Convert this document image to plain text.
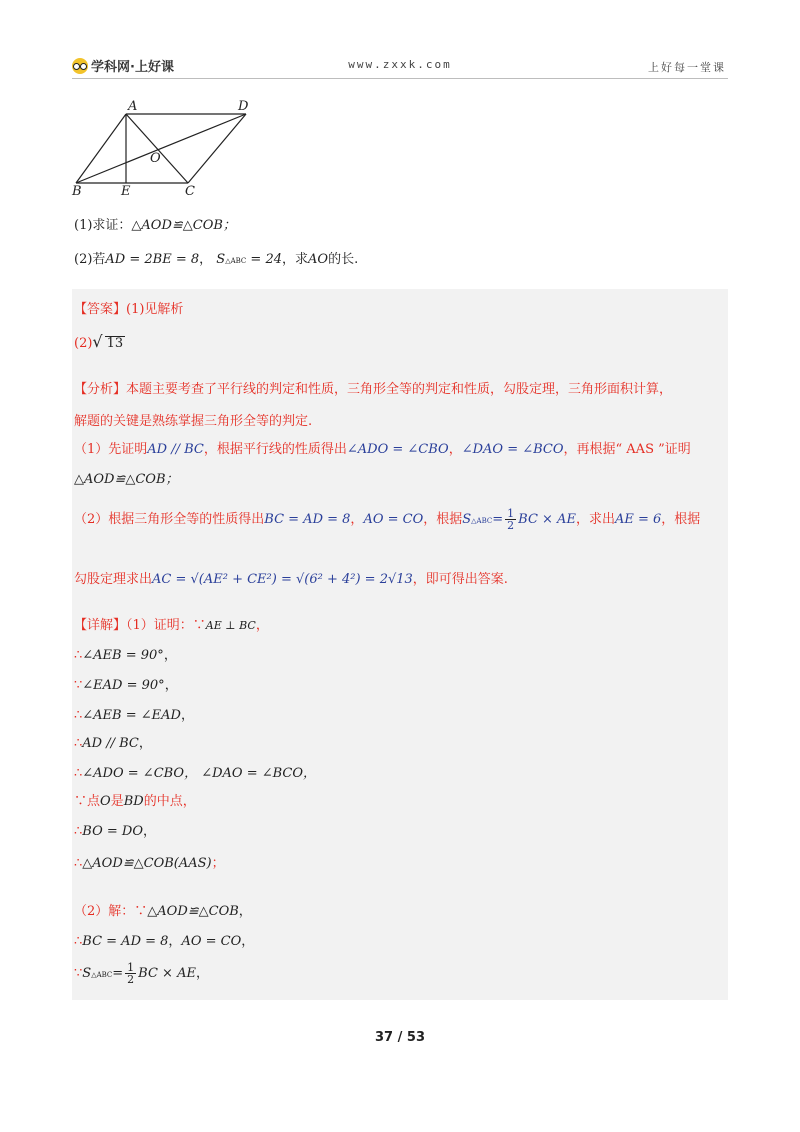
学科网·上好课	www.zxxk.com	上好每一堂课
A	D
O
B	E	C
(1)求证：△AOD≌△COB；
(2)若AD = 2BE = 8， S△ABC = 24，求AO的长.
【答案】(1)见解析
(2)√ 13
【分析】本题主要考查了平行线的判定和性质，三角形全等的判定和性质，勾股定理，三角形面积计算，
解题的关键是熟练掌握三角形全等的判定.
（1）先证明AD // BC，根据平行线的性质得出∠ADO = ∠CBO，∠DAO = ∠BCO，再根据“ AAS ”证明
△AOD≌△COB；
（2）根据三角形全等的性质得出BC = AD = 8，AO = CO，根据S△ABC= $\frac{1}{2}$ BC × AE，求出AE = 6，根据
勾股定理求出AC = √(AE² + CE²) = √(6² + 4²) = 2√13，即可得出答案.
【详解】（1）证明：∵AE ⊥ BC，
∴∠AEB = 90°，
∵∠EAD = 90°，
∴∠AEB = ∠EAD，
∴AD // BC，
∴∠ADO = ∠CBO， ∠DAO = ∠BCO，
∵点O是BD的中点，
∴BO = DO，
∴△AOD≌△COB(AAS)；
（2）解：∵△AOD≌△COB，
∴BC = AD = 8，AO = CO，
∵S△ABC= $\frac{1}{2}$ BC × AE，
37 / 53
